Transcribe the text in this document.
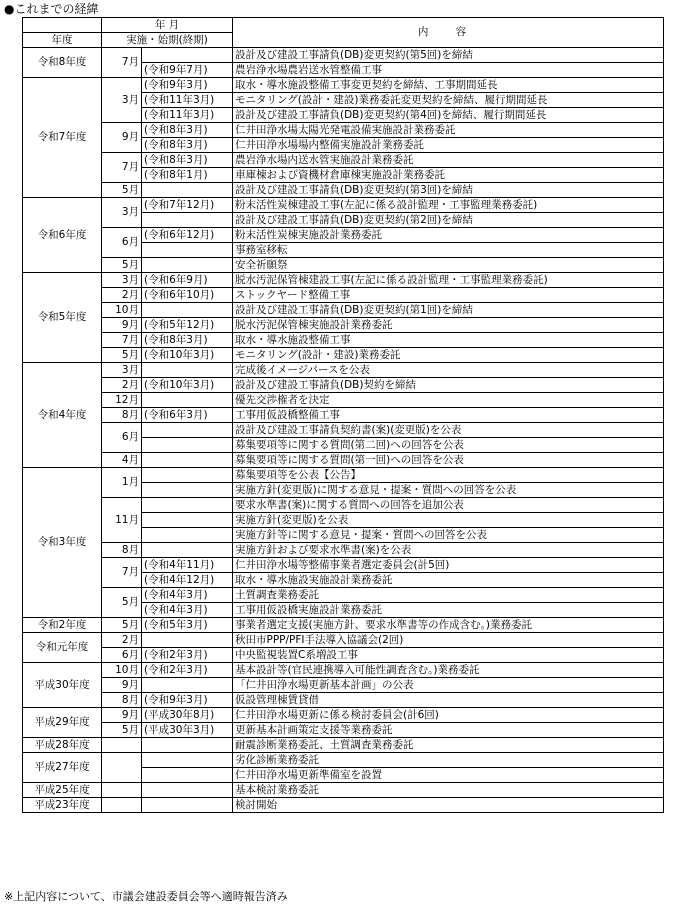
●これまでの経緯
	年 月		内 容
年度	実施・始期(終期)		
令和8年度	7月		設計及び建設工事請負(DB)変更契約(第5回)を締結
		(令和9年7月)	農岩浄水場農岩送水管整備工事
令和7年度	3月	(令和9年3月)	取水・導水施設整備工事変更契約を締結、工事期間延長
		(令和11年3月)	モニタリング(設計・建設)業務委託変更契約を締結、履行期間延長
		(令和11年3月)	設計及び建設工事請負(DB)変更契約(第4回)を締結、履行期間延長
	9月	(令和8年3月)	仁井田浄水場太陽光発電設備実施設計業務委託
		(令和8年3月)	仁井田浄水場場内整備実施設計業務委託
	7月	(令和8年3月)	農岩浄水場内送水管実施設計業務委託
		(令和8年1月)	車庫棟および資機材倉庫棟実施設計業務委託
	5月		設計及び建設工事請負(DB)変更契約(第3回)を締結
令和6年度	3月	(令和7年12月)	粉末活性炭棟建設工事(左記に係る設計監理・工事監理業務委託)
			設計及び建設工事請負(DB)変更契約(第2回)を締結
	6月	(令和6年12月)	粉末活性炭棟実施設計業務委託
			事務室移転
	5月		安全祈願祭
令和5年度	3月	(令和6年9月)	脱水汚泥保管棟建設工事(左記に係る設計監理・工事監理業務委託)
	2月	(令和6年10月)	ストックヤード整備工事
	10月		設計及び建設工事請負(DB)変更契約(第1回)を締結
	9月	(令和5年12月)	脱水汚泥保管棟実施設計業務委託
	7月	(令和8年3月)	取水・導水施設整備工事
	5月	(令和10年3月)	モニタリング(設計・建設)業務委託
令和4年度	3月		完成後イメージパースを公表
	2月	(令和10年3月)	設計及び建設工事請負(DB)契約を締結
	12月		優先交渉権者を決定
	8月	(令和6年3月)	工事用仮設橋整備工事
	6月		設計及び建設工事請負契約書(案)(変更版)を公表
			募集要項等に関する質問(第二回)への回答を公表
	4月		募集要項等に関する質問(第一回)への回答を公表
令和3年度	1月		募集要項等を公表【公告】
			実施方針(変更版)に関する意見・提案・質問への回答を公表
	11月		要求水準書(案)に関する質問への回答を追加公表
			実施方針(変更版)を公表
			実施方針等に関する意見・提案・質問への回答を公表
	8月		実施方針および要求水準書(案)を公表
	7月	(令和4年11月)	仁井田浄水場等整備事業者選定委員会(計5回)
		(令和4年12月)	取水・導水施設実施設計業務委託
	5月	(令和4年3月)	土質調査業務委託
		(令和4年3月)	工事用仮設橋実施設計業務委託
令和2年度	5月	(令和5年3月)	事業者選定支援(実施方針、要求水準書等の作成含む。)業務委託
令和元年度	2月		秋田市PPP/PFI手法導入協議会(2回)
	6月	(令和2年3月)	中央監視装置C系増設工事
平成30年度	10月	(令和2年3月)	基本設計等(官民連携導入可能性調査含む。)業務委託
	9月		「仁井田浄水場更新基本計画」の公表
	8月	(令和9年3月)	仮設管理棟賃貸借
平成29年度	9月	(平成30年8月)	仁井田浄水場更新に係る検討委員会(計6回)
	5月	(平成30年3月)	更新基本計画策定支援等業務委託
平成28年度			耐震診断業務委託、土質調査業務委託
平成27年度			劣化診断業務委託
			仁井田浄水場更新準備室を設置
平成25年度			基本検討業務委託
平成23年度			検討開始
※上記内容について、市議会建設委員会等へ適時報告済み
